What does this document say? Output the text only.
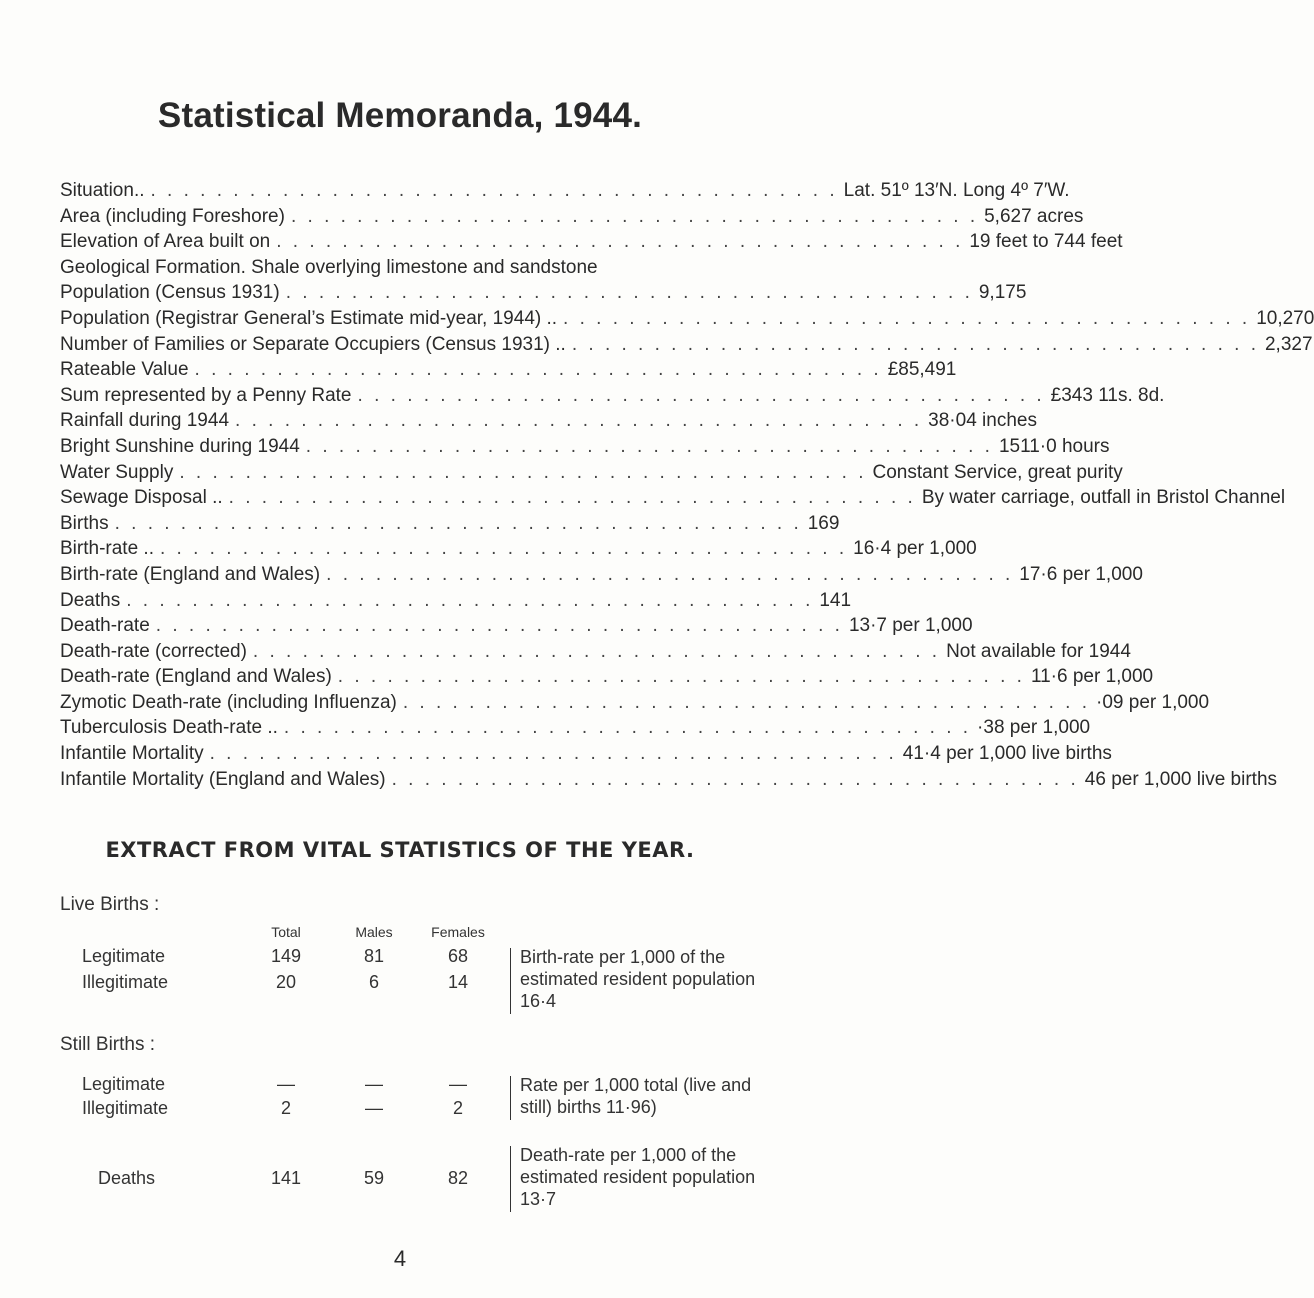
Statistical Memoranda, 1944.
Situation.. . . . . . . . . . . . . . . . . . . . . . . . . . . . . . . . . . . . . . . . . . . Lat. 51º 13′N. Long 4º 7′W.
Area (including Foreshore) . . . . . . . . . . . . . . . . . . . . . . . . . . . . . . . . . . . . . . . . . . 5,627 acres
Elevation of Area built on . . . . . . . . . . . . . . . . . . . . . . . . . . . . . . . . . . . . . . . . . . 19 feet to 744 feet
Geological Formation. Shale overlying limestone and sandstone
Population (Census 1931) . . . . . . . . . . . . . . . . . . . . . . . . . . . . . . . . . . . . . . . . . . 9,175
Population (Registrar General’s Estimate mid-year, 1944) .. . . . . . . . . . . . . . . . . . . . . . . . . . . . . . . . . . . . . . . . . . . 10,270
Number of Families or Separate Occupiers (Census 1931) .. . . . . . . . . . . . . . . . . . . . . . . . . . . . . . . . . . . . . . . . . . . 2,327
Rateable Value . . . . . . . . . . . . . . . . . . . . . . . . . . . . . . . . . . . . . . . . . . £85,491
Sum represented by a Penny Rate . . . . . . . . . . . . . . . . . . . . . . . . . . . . . . . . . . . . . . . . . . £343 11s. 8d.
Rainfall during 1944 . . . . . . . . . . . . . . . . . . . . . . . . . . . . . . . . . . . . . . . . . . 38·04 inches
Bright Sunshine during 1944 . . . . . . . . . . . . . . . . . . . . . . . . . . . . . . . . . . . . . . . . . . 1511·0 hours
Water Supply . . . . . . . . . . . . . . . . . . . . . . . . . . . . . . . . . . . . . . . . . . Constant Service, great purity
Sewage Disposal .. . . . . . . . . . . . . . . . . . . . . . . . . . . . . . . . . . . . . . . . . . . By water carriage, outfall in Bristol Channel
Births . . . . . . . . . . . . . . . . . . . . . . . . . . . . . . . . . . . . . . . . . . 169
Birth-rate .. . . . . . . . . . . . . . . . . . . . . . . . . . . . . . . . . . . . . . . . . . . 16·4 per 1,000
Birth-rate (England and Wales) . . . . . . . . . . . . . . . . . . . . . . . . . . . . . . . . . . . . . . . . . . 17·6 per 1,000
Deaths . . . . . . . . . . . . . . . . . . . . . . . . . . . . . . . . . . . . . . . . . . 141
Death-rate . . . . . . . . . . . . . . . . . . . . . . . . . . . . . . . . . . . . . . . . . . 13·7 per 1,000
Death-rate (corrected) . . . . . . . . . . . . . . . . . . . . . . . . . . . . . . . . . . . . . . . . . . Not available for 1944
Death-rate (England and Wales) . . . . . . . . . . . . . . . . . . . . . . . . . . . . . . . . . . . . . . . . . . 11·6 per 1,000
Zymotic Death-rate (including Influenza) . . . . . . . . . . . . . . . . . . . . . . . . . . . . . . . . . . . . . . . . . . ·09 per 1,000
Tuberculosis Death-rate .. . . . . . . . . . . . . . . . . . . . . . . . . . . . . . . . . . . . . . . . . . . ·38 per 1,000
Infantile Mortality . . . . . . . . . . . . . . . . . . . . . . . . . . . . . . . . . . . . . . . . . . 41·4 per 1,000 live births
Infantile Mortality (England and Wales) . . . . . . . . . . . . . . . . . . . . . . . . . . . . . . . . . . . . . . . . . . 46 per 1,000 live births
EXTRACT FROM VITAL STATISTICS OF THE YEAR.
Live Births :
Total	Males	Females
Legitimate	149	81	68
Illegitimate	20	6	14
Birth-rate per 1,000 of the estimated resident population 16·4
Still Births :
Legitimate	—	—	—
Illegitimate	2	—	2
Rate per 1,000 total (live and still) births 11·96)
Deaths	141	59	82
Death-rate per 1,000 of the estimated resident population 13·7
4
